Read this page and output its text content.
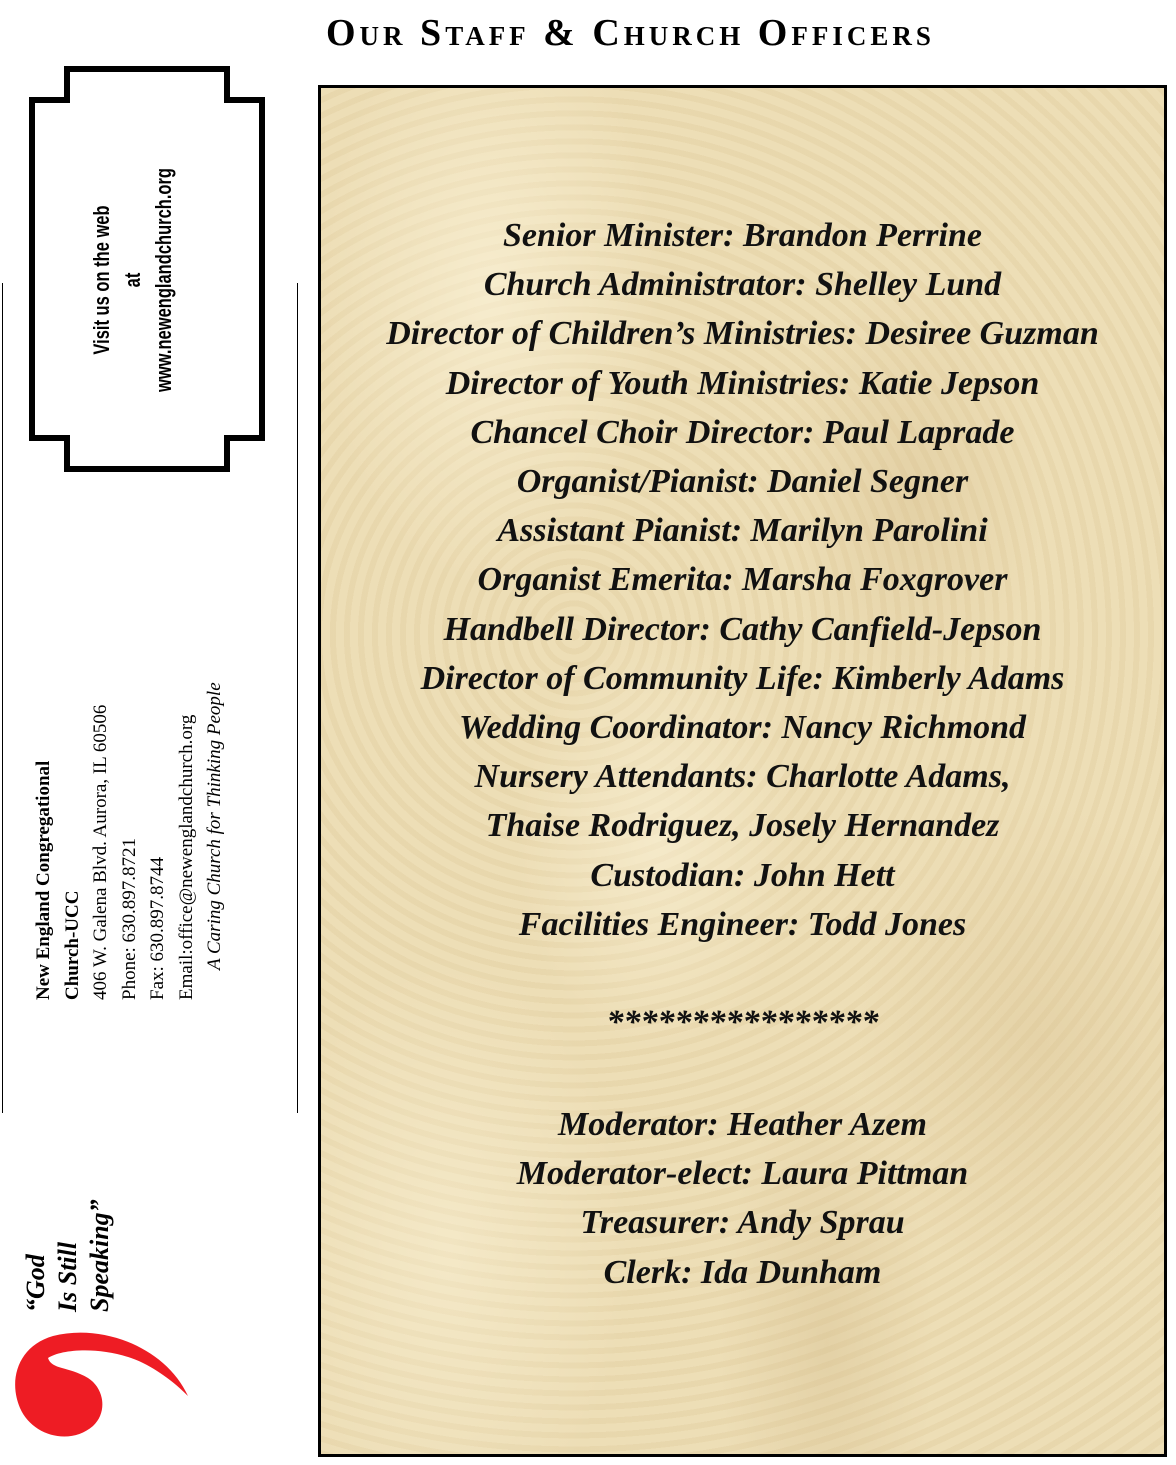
Our Staff & Church Officers
Senior Minister: Brandon Perrine
Church Administrator: Shelley Lund
Director of Children’s Ministries: Desiree Guzman
Director of Youth Ministries: Katie Jepson
Chancel Choir Director: Paul Laprade
Organist/Pianist: Daniel Segner
Assistant Pianist: Marilyn Parolini
Organist Emerita: Marsha Foxgrover
Handbell Director: Cathy Canfield-Jepson
Director of Community Life: Kimberly Adams
Wedding Coordinator: Nancy Richmond
Nursery Attendants: Charlotte Adams,
Thaise Rodriguez, Josely Hernandez
Custodian: John Hett
Facilities Engineer: Todd Jones
****************
Moderator: Heather Azem
Moderator-elect: Laura Pittman
Treasurer: Andy Sprau
Clerk: Ida Dunham
Visit us on the web at www.newenglandchurch.org
New England Congregational Church-UCC 406 W. Galena Blvd. Aurora, IL 60506 Phone: 630.897.8721 Fax: 630.897.8744 Email:office@newenglandchurch.org A Caring Church for Thinking People
“God Is Still Speaking”
